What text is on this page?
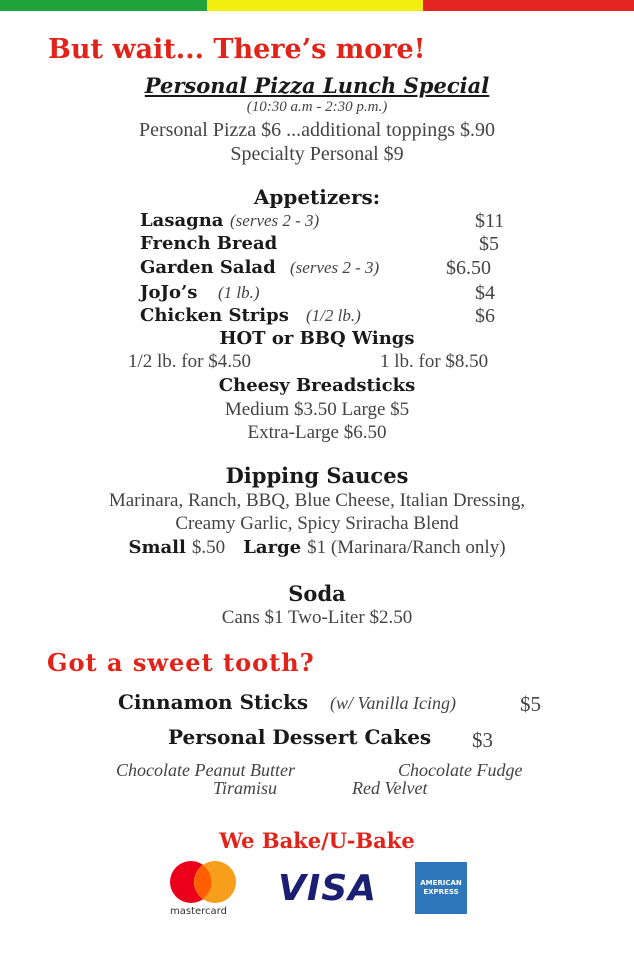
But wait... There’s more!
Personal Pizza Lunch Special
(10:30 a.m - 2:30 p.m.)
Personal Pizza $6 ...additional toppings $.90
Specialty Personal $9
Appetizers:
Lasagna (serves 2 - 3)	$11
French Bread	$5
Garden Salad (serves 2 - 3)	$6.50
JoJo’s (1 lb.)	$4
Chicken Strips (1/2 lb.)	$6
HOT or BBQ Wings
1/2 lb. for $4.50	1 lb. for $8.50
Cheesy Breadsticks
Medium $3.50 Large $5
Extra-Large $6.50
Dipping Sauces
Marinara, Ranch, BBQ, Blue Cheese, Italian Dressing,
Creamy Garlic, Spicy Sriracha Blend
Small $.50 Large $1 (Marinara/Ranch only)
Soda
Cans $1 Two-Liter $2.50
Got a sweet tooth?
Cinnamon Sticks (w/ Vanilla Icing)	$5
Personal Dessert Cakes $3
Chocolate Peanut Butter	Chocolate Fudge
Tiramisu	Red Velvet
We Bake/U-Bake
mastercard
VISA	AMERICAN
EXPRESS
